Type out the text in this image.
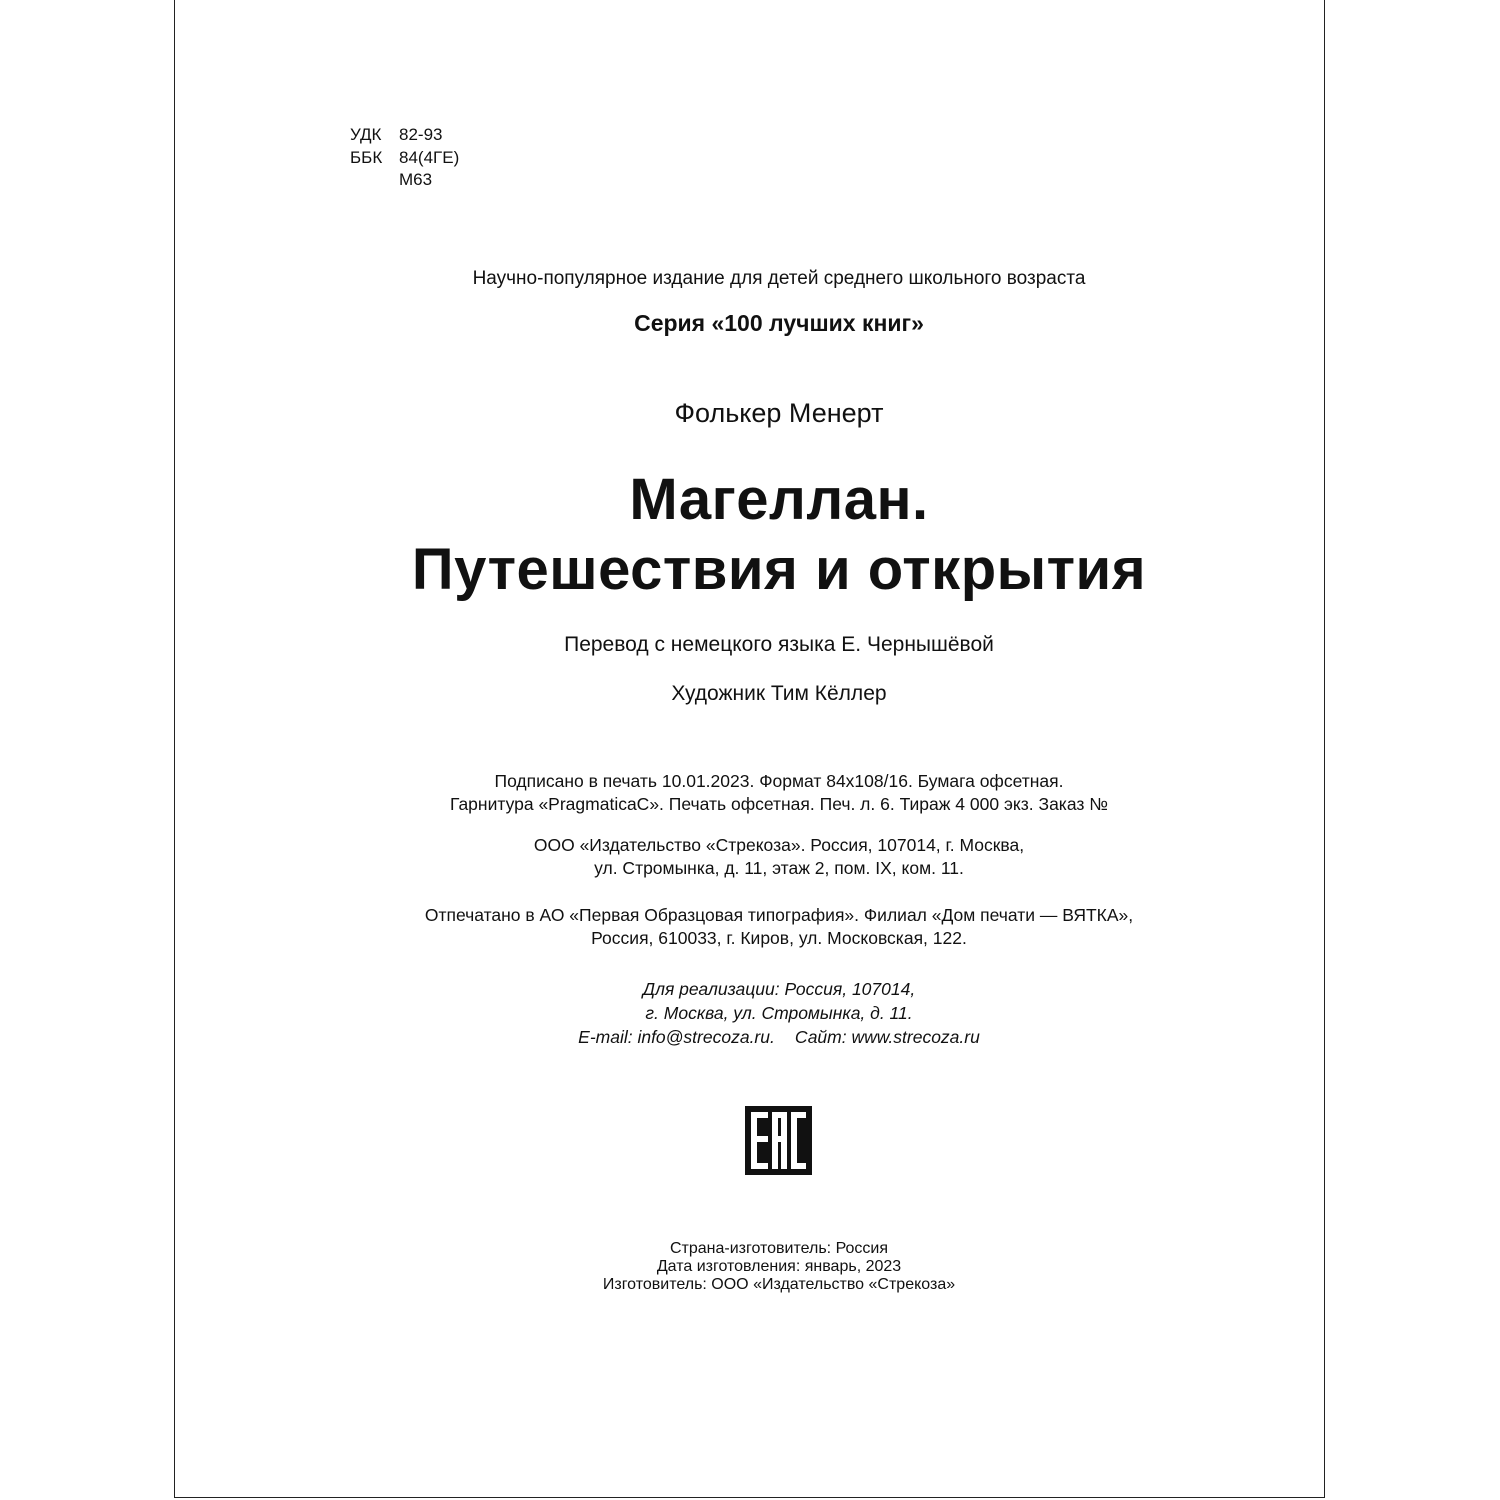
УДК	82-93
ББК 84(4ГЕ)
М63
Научно-популярное издание для детей среднего школьного возраста
Серия «100 лучших книг»
Фолькер Менерт
Магеллан.
Путешествия и открытия
Перевод с немецкого языка Е. Чернышёвой
Художник Тим Кёллер
Подписано в печать 10.01.2023. Формат 84х108/16. Бумага офсетная.
Гарнитура «PragmaticaC». Печать офсетная. Печ. л. 6. Тираж 4 000 экз. Заказ №
ООО «Издательство «Стрекоза». Россия, 107014, г. Москва,
ул. Стромынка, д. 11, этаж 2, пом. IX, ком. 11.
Отпечатано в АО «Первая Образцовая типография». Филиал «Дом печати — ВЯТКА»,
Россия, 610033, г. Киров, ул. Московская, 122.
Для реализации: Россия, 107014,
г. Москва, ул. Стромынка, д. 11.
E-mail: info@strecoza.ru. Сайт: www.strecoza.ru
Страна-изготовитель: Россия
Дата изготовления: январь, 2023
Изготовитель: ООО «Издательство «Стрекоза»
